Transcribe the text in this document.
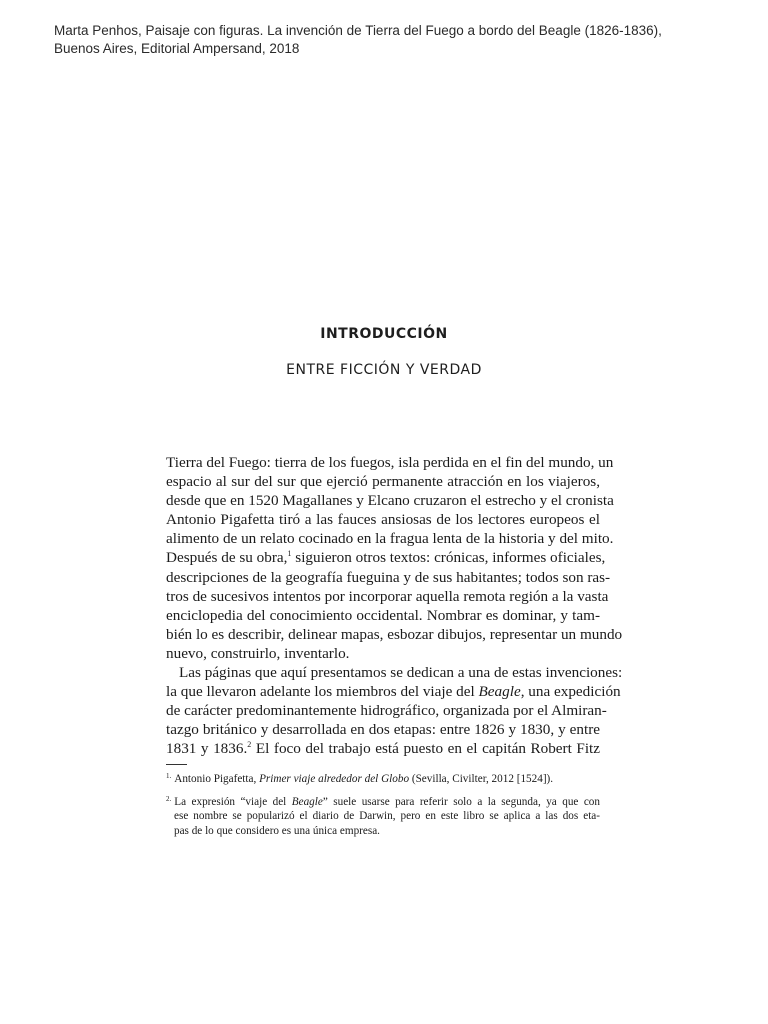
Marta Penhos, Paisaje con figuras. La invención de Tierra del Fuego a bordo del Beagle (1826-1836),
Buenos Aires, Editorial Ampersand, 2018
INTRODUCCIÓN
ENTRE FICCIÓN Y VERDAD
Tierra del Fuego: tierra de los fuegos, isla perdida en el fin del mundo, un
espacio al sur del sur que ejerció permanente atracción en los viajeros,
desde que en 1520 Magallanes y Elcano cruzaron el estrecho y el cronista
Antonio Pigafetta tiró a las fauces ansiosas de los lectores europeos el
alimento de un relato cocinado en la fragua lenta de la historia y del mito.
Después de su obra,$^1$ siguieron otros textos: crónicas, informes oficiales,
descripciones de la geografía fueguina y de sus habitantes; todos son ras-
tros de sucesivos intentos por incorporar aquella remota región a la vasta
enciclopedia del conocimiento occidental. Nombrar es dominar, y tam-
bién lo es describir, delinear mapas, esbozar dibujos, representar un mundo
nuevo, construirlo, inventarlo.
Las páginas que aquí presentamos se dedican a una de estas invenciones:
la que llevaron adelante los miembros del viaje del Beagle, una expedición
de carácter predominantemente hidrográfico, organizada por el Almiran-
tazgo británico y desarrollada en dos etapas: entre 1826 y 1830, y entre
1831 y 1836.$^2$ El foco del trabajo está puesto en el capitán Robert Fitz
$^{1.}$ Antonio Pigafetta, Primer viaje alrededor del Globo (Sevilla, Civilter, 2012 [1524]).
$^{2.}$ La expresión “viaje del Beagle” suele usarse para referir solo a la segunda, ya que con
ese nombre se popularizó el diario de Darwin, pero en este libro se aplica a las dos eta-
pas de lo que considero es una única empresa.
